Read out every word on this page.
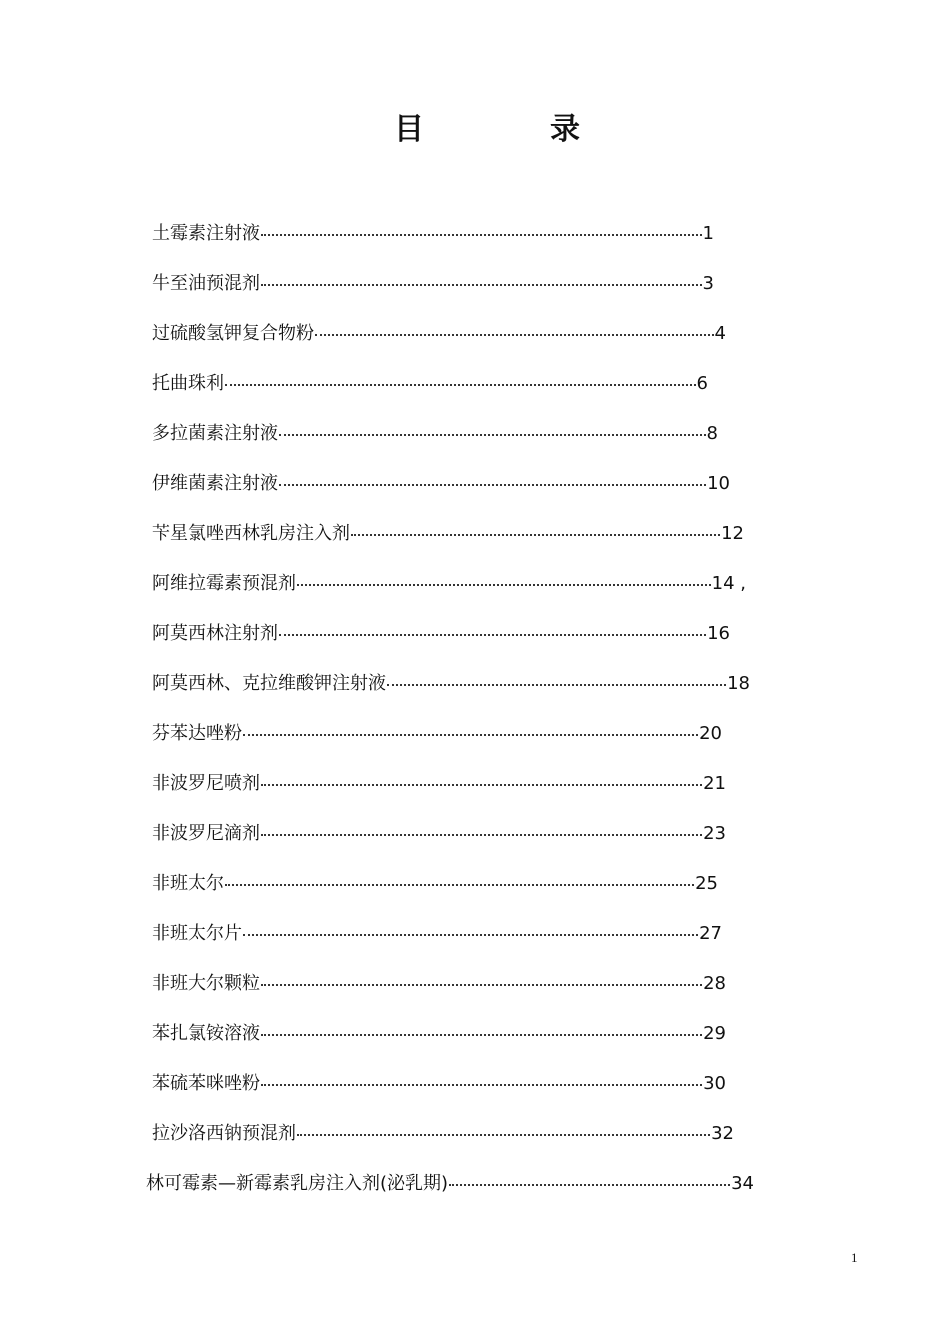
目　录
土霉素注射液	1
牛至油预混剂	3
过硫酸氢钾复合物粉	4
托曲珠利	6
多拉菌素注射液	8
伊维菌素注射液	10
苄星氯唑西林乳房注入剂	12
阿维拉霉素预混剂	14 ,
阿莫西林注射剂	16
阿莫西林、克拉维酸钾注射液	18
芬苯达唑粉	20
非波罗尼喷剂	21
非波罗尼滴剂	23
非班太尔	25
非班太尔片	27
非班大尔颗粒	28
苯扎氯铵溶液	29
苯硫苯咪唑粉	30
拉沙洛西钠预混剂	32
林可霉素—新霉素乳房注入剂(泌乳期)	34
1
